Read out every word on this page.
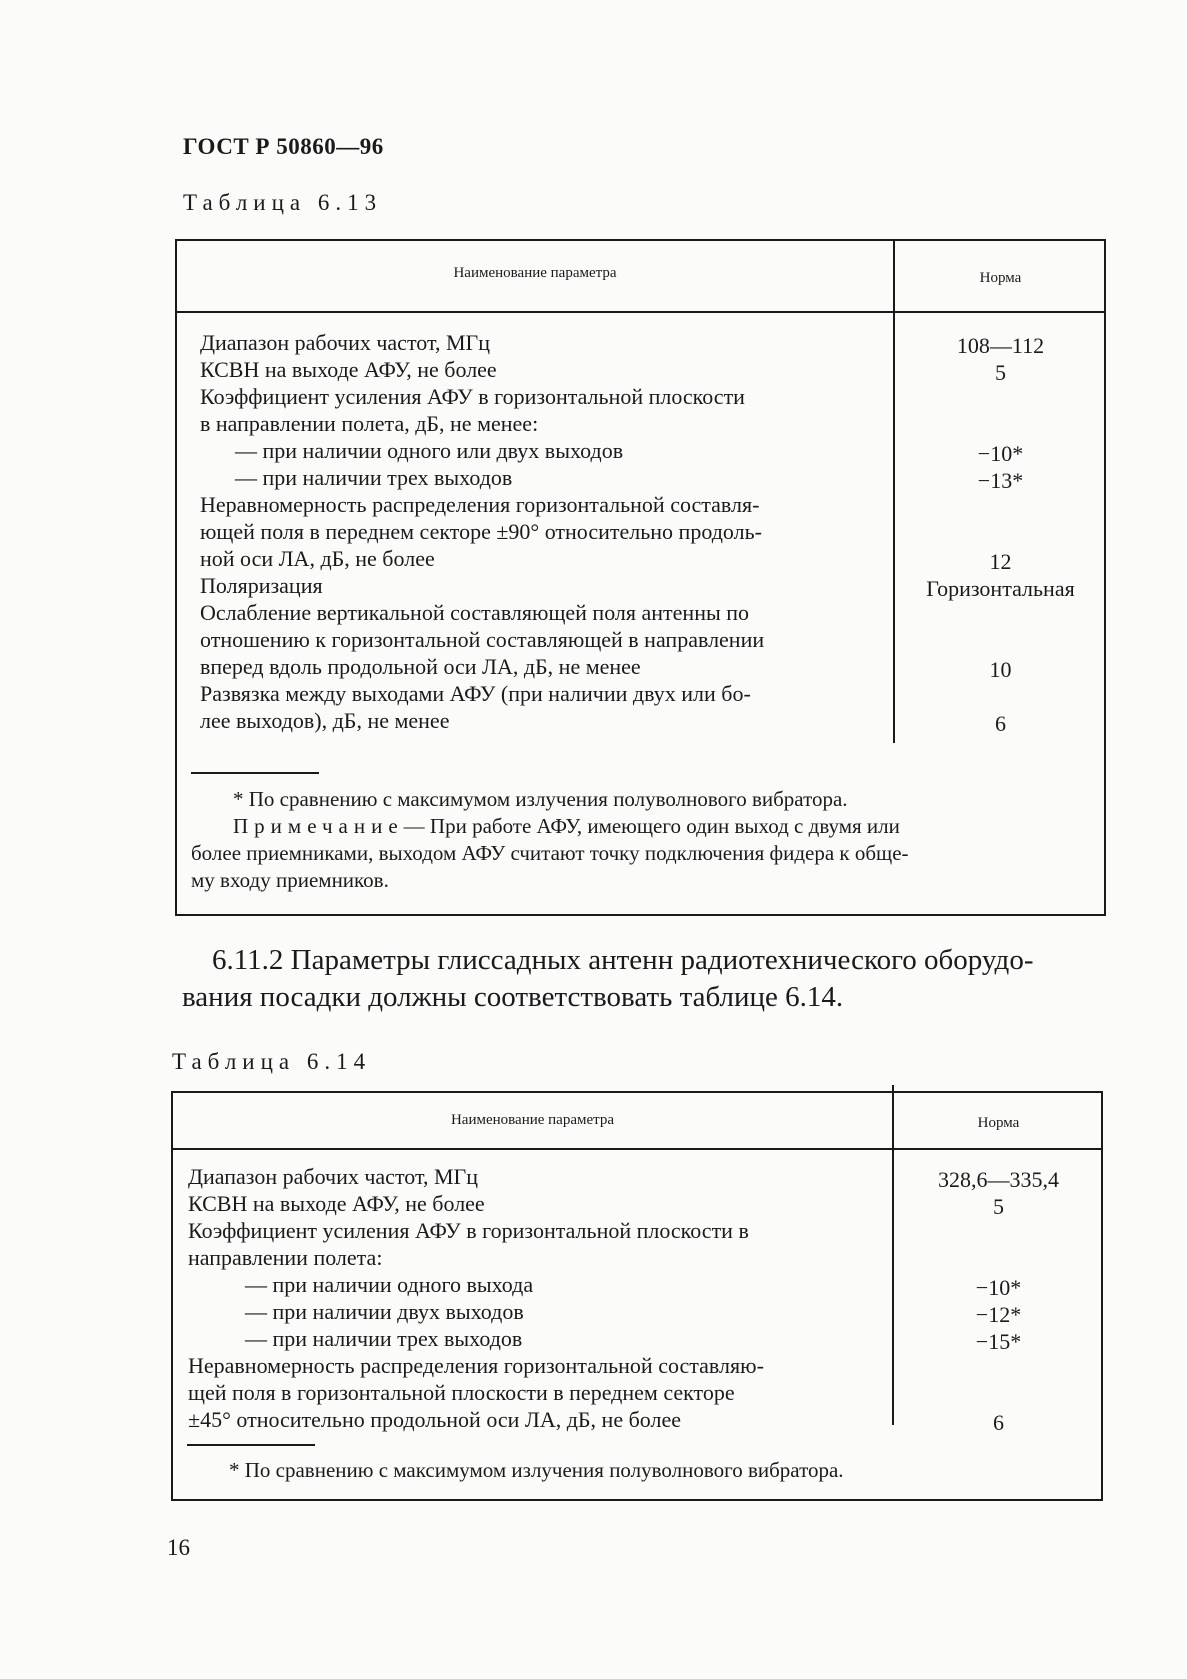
ГОСТ Р 50860—96
Таблица 6.13
Наименование параметра	Норма
Диапазон рабочих частот, МГц	108—112
КСВН на выходе АФУ, не более	5
Коэффициент усиления АФУ в горизонтальной плоскости
в направлении полета, дБ, не менее:
— при наличии одного или двух выходов	−10*
— при наличии трех выходов	−13*
Неравномерность распределения горизонтальной составля-
ющей поля в переднем секторе ±90° относительно продоль-
ной оси ЛА, дБ, не более	12
Поляризация	Горизонтальная
Ослабление вертикальной составляющей поля антенны по
отношению к горизонтальной составляющей в направлении
вперед вдоль продольной оси ЛА, дБ, не менее	10
Развязка между выходами АФУ (при наличии двух или бо-
лее выходов), дБ, не менее	6
* По сравнению с максимумом излучения полуволнового вибратора.
Примечание— При работе АФУ, имеющего один выход с двумя или
более приемниками, выходом АФУ считают точку подключения фидера к обще-
му входу приемников.
6.11.2 Параметры глиссадных антенн радиотехнического оборудо-
вания посадки должны соответствовать таблице 6.14.
Таблица 6.14
Наименование параметра	Норма
Диапазон рабочих частот, МГц	328,6—335,4
КСВН на выходе АФУ, не более	5
Коэффициент усиления АФУ в горизонтальной плоскости в
направлении полета:
— при наличии одного выхода	−10*
— при наличии двух выходов	−12*
— при наличии трех выходов	−15*
Неравномерность распределения горизонтальной составляю-
щей поля в горизонтальной плоскости в переднем секторе
±45° относительно продольной оси ЛА, дБ, не более	6
* По сравнению с максимумом излучения полуволнового вибратора.
16
